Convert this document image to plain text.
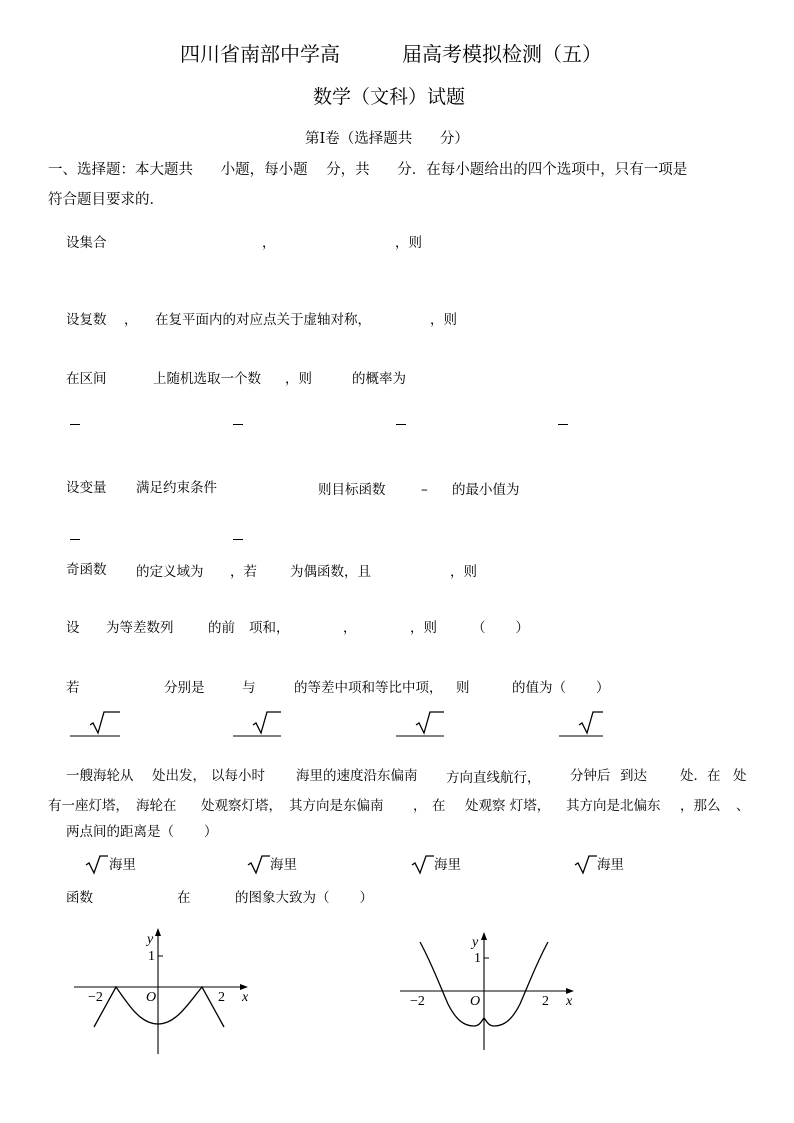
四川省南部中学高	届高考模拟检测（五）
数学（文科）试题
第Ⅰ卷（选择题共      分）
一、选择题：本大题共      小题，每小题    分，共      分．在每小题给出的四个选项中，只有一项是
符合题目要求的．
设集合	，	，则
设复数 ， 在复平面内的对应点关于虚轴对称，	，则
在区间	上随机选取一个数 ，则	的概率为
设变量 满足约束条件	则目标函数	– 的最小值为
奇函数 的定义域为 ，若 为偶函数，且	，则
设 为等差数列	的前 项和，	，	，则	（       ）
若	分别是	与	的等差中项和等比中项， 则	的值为（       ）
一艘海轮从 处出发， 以每小时 海里的速度沿东偏南 方向直线航行， 分钟后 到达 处．在 处
有一座灯塔， 海轮在 处观察灯塔， 其方向是东偏南 ， 在 处观察 灯塔， 其方向是北偏东 ，那么 、
两点间的距离是（       ）
海里	海里	海里	海里
函数	在	的图象大致为（       ）
y
1
O
−2	2 x
y
1
O
−2	2 x
